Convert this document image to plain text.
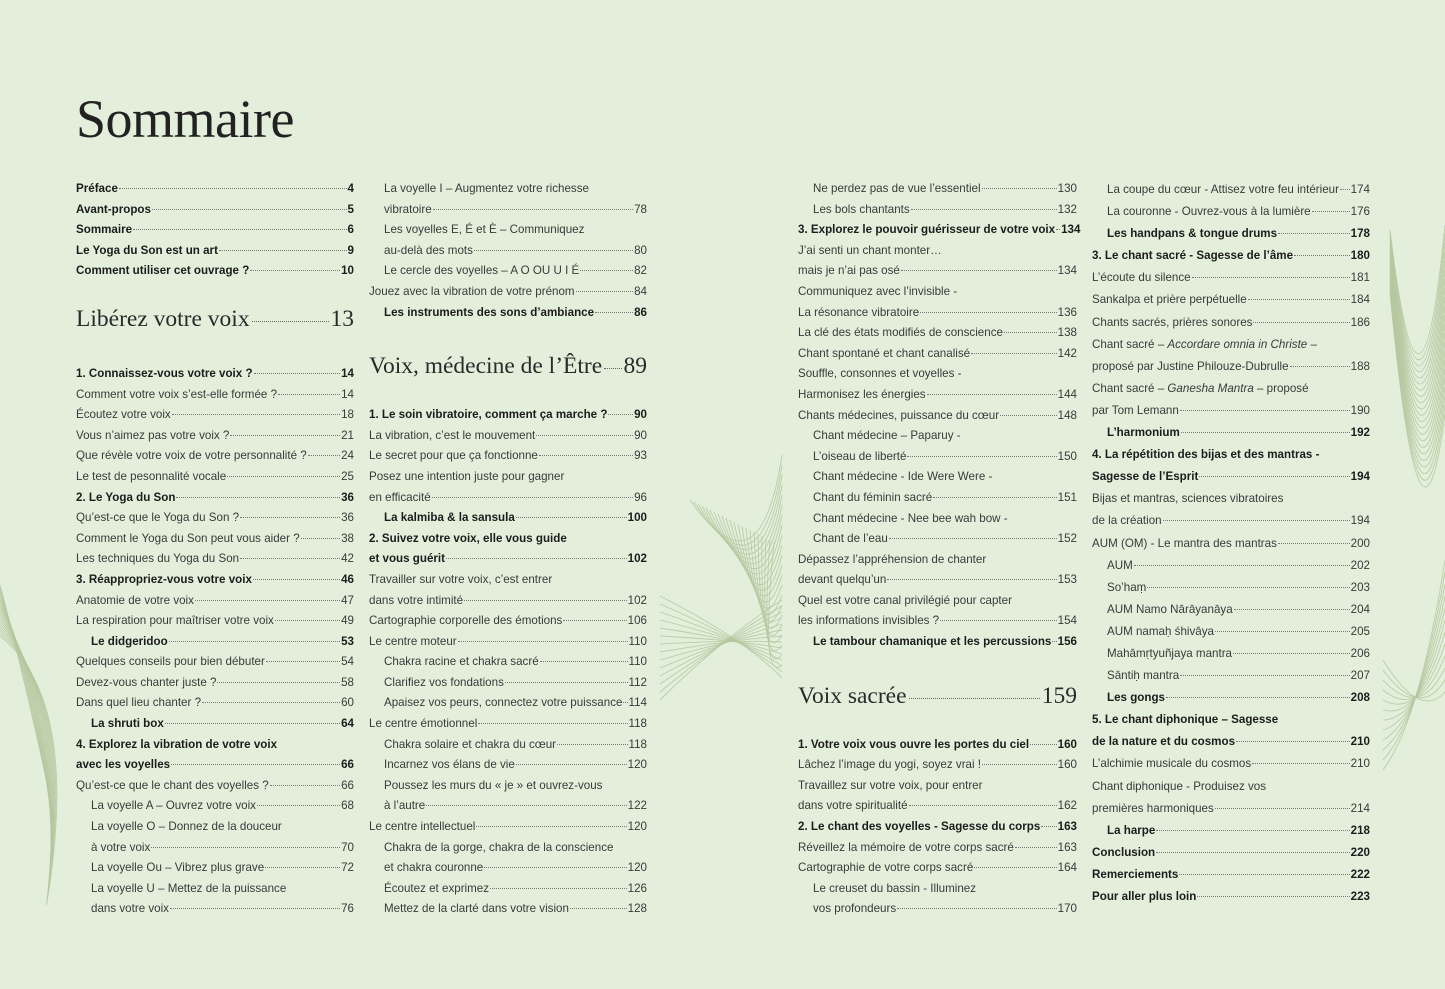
Sommaire
Préface	4
Avant-propos	5
Sommaire	6
Le Yoga du Son est un art	9
Comment utiliser cet ouvrage ?	10
Libérez votre voix	13
1. Connaissez-vous votre voix ?	14
Comment votre voix s’est-elle formée ?	14
Écoutez votre voix	18
Vous n’aimez pas votre voix ?	21
Que révèle votre voix de votre personnalité ?	24
Le test de pesonnalité vocale	25
2. Le Yoga du Son	36
Qu’est-ce que le Yoga du Son ?	36
Comment le Yoga du Son peut vous aider ?	38
Les techniques du Yoga du Son	42
3. Réappropriez-vous votre voix	46
Anatomie de votre voix	47
La respiration pour maîtriser votre voix	49
Le didgeridoo	53
Quelques conseils pour bien débuter	54
Devez-vous chanter juste ?	58
Dans quel lieu chanter ?	60
La shruti box	64
4. Explorez la vibration de votre voix
avec les voyelles	66
Qu’est-ce que le chant des voyelles ?	66
La voyelle A – Ouvrez votre voix	68
La voyelle O – Donnez de la douceur
à votre voix	70
La voyelle Ou – Vibrez plus grave	72
La voyelle U – Mettez de la puissance
dans votre voix	76
La voyelle I – Augmentez votre richesse
vibratoire	78
Les voyelles E, É et È – Communiquez
au-delà des mots	80
Le cercle des voyelles – A O OU U I É	82
Jouez avec la vibration de votre prénom	84
Les instruments des sons d’ambiance	86
Voix, médecine de l’Être 89
1. Le soin vibratoire, comment ça marche ? 90
La vibration, c’est le mouvement	90
Le secret pour que ça fonctionne	93
Posez une intention juste pour gagner
en efficacité	96
La kalmiba & la sansula	100
2. Suivez votre voix, elle vous guide
et vous guérit	102
Travailler sur votre voix, c’est entrer
dans votre intimité	102
Cartographie corporelle des émotions	106
Le centre moteur	110
Chakra racine et chakra sacré	110
Clarifiez vos fondations	112
Apaisez vos peurs, connectez votre puissance 114
Le centre émotionnel	118
Chakra solaire et chakra du cœur	118
Incarnez vos élans de vie	120
Poussez les murs du « je » et ouvrez-vous
à l’autre	122
Le centre intellectuel	120
Chakra de la gorge, chakra de la conscience
et chakra couronne	120
Écoutez et exprimez	126
Mettez de la clarté dans votre vision	128
Ne perdez pas de vue l’essentiel	130
Les bols chantants	132
3. Explorez le pouvoir guérisseur de votre voix 134
J’ai senti un chant monter…
mais je n’ai pas osé	134
Communiquez avec l’invisible -
La résonance vibratoire	136
La clé des états modifiés de conscience	138
Chant spontané et chant canalisé	142
Souffle, consonnes et voyelles -
Harmonisez les énergies	144
Chants médecines, puissance du cœur	148
Chant médecine – Paparuy -
L’oiseau de liberté	150
Chant médecine - Ide Were Were -
Chant du féminin sacré	151
Chant médecine - Nee bee wah bow -
Chant de l’eau	152
Dépassez l’appréhension de chanter
devant quelqu’un	153
Quel est votre canal privilégié pour capter
les informations invisibles ?	154
Le tambour chamanique et les percussions 156
Voix sacrée	159
1. Votre voix vous ouvre les portes du ciel 160
Lâchez l’image du yogi, soyez vrai !	160
Travaillez sur votre voix, pour entrer
dans votre spiritualité	162
2. Le chant des voyelles - Sagesse du corps 163
Réveillez la mémoire de votre corps sacré	163
Cartographie de votre corps sacré	164
Le creuset du bassin - Illuminez
vos profondeurs	170
La coupe du cœur - Attisez votre feu intérieur 174
La couronne - Ouvrez-vous à la lumière	176
Les handpans & tongue drums	178
3. Le chant sacré - Sagesse de l’âme	180
L’écoute du silence	181
Sankalpa et prière perpétuelle	184
Chants sacrés, prières sonores	186
Chant sacré – Accordare omnia in Christe –
proposé par Justine Philouze-Dubrulle	188
Chant sacré – Ganesha Mantra – proposé
par Tom Lemann	190
L’harmonium	192
4. La répétition des bijas et des mantras -
Sagesse de l’Esprit	194
Bijas et mantras, sciences vibratoires
de la création	194
AUM (OM) - Le mantra des mantras	200
AUM	202
So’haṃ	203
AUM Namo Nārāyanāya	204
AUM namaḥ śhivāya	205
Mahāmṛtyuñjaya mantra	206
Sāntiḥ mantra	207
Les gongs	208
5. Le chant diphonique – Sagesse
de la nature et du cosmos	210
L’alchimie musicale du cosmos	210
Chant diphonique - Produisez vos
premières harmoniques	214
La harpe	218
Conclusion	220
Remerciements	222
Pour aller plus loin	223
